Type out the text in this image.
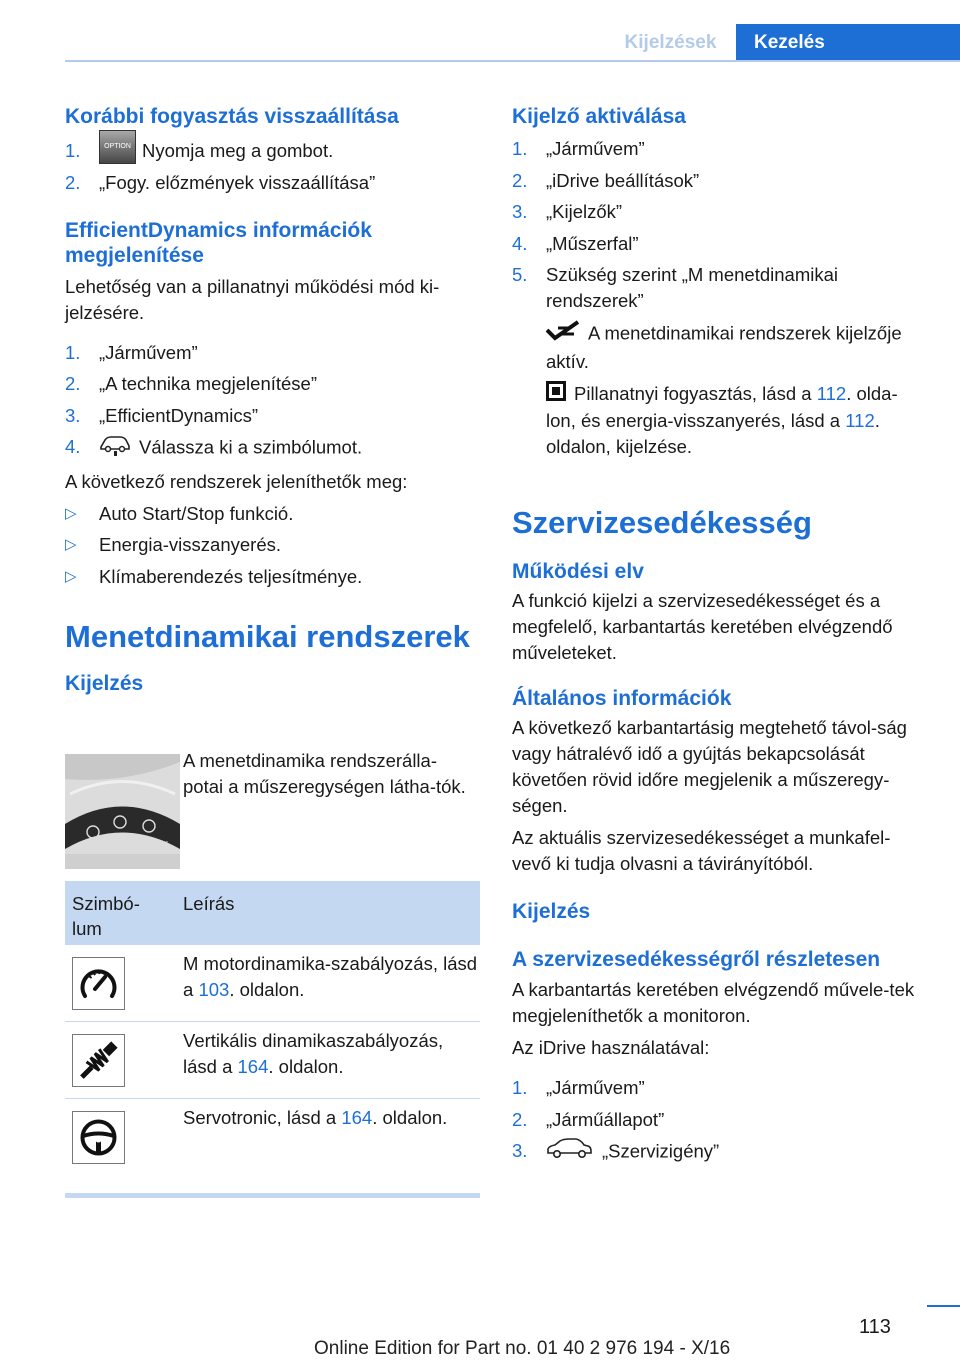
Kijelzések	Kezelés
Korábbi fogyasztás visszaállítása
1.	OPTION Nyomja meg a gombot.
2. „Fogy. előzmények visszaállítása”
EfficientDynamics információk megjelenítése

Lehetőség van a pillanatnyi működési mód ki-jelzésére.

1. „Járművem”
2. „A technika megjelenítése”
3. „EfficientDynamics”
4.	Válassza ki a szimbólumot.

A következő rendszerek jeleníthetők meg:

▷ Auto Start/Stop funkció.
▷ Energia-visszanyerés.
▷ Klímaberendezés teljesítménye.
Menetdinamikai rendszerek
Kijelzés
Efficient
Sport
Sport Plus

A menetdinamika rendszerálla-potai a műszeregységen látha-tók.

Szimbó-lum
Leírás
M motordinamika-szabályozás, lásd a 103. oldalon.
Vertikális dinamikaszabályozás, lásd a 164. oldalon.
Servotronic, lásd a 164. oldalon.
Kijelző aktiválása
1. „Járművem”
2. „iDrive beállítások”
3. „Kijelzők”
4. „Műszerfal”
5. Szükség szerint „M menetdinamikai rendszerek”

A menetdinamikai rendszerek kijelzője aktív.

Pillanatnyi fogyasztás, lásd a 112. olda-lon, és energia-visszanyerés, lásd a 112. oldalon, kijelzése.

Szervizesedékesség
Működési elv

A funkció kijelzi a szervizesedékességet és a megfelelő, karbantartás keretében elvégzendő műveleteket.

Általános információk

A következő karbantartásig megtehető távol-ság vagy hátralévő idő a gyújtás bekapcsolását követően rövid időre megjelenik a műszeregy-ségen.

Az aktuális szervizesedékességet a munkafel-vevő ki tudja olvasni a távirányítóból.

Kijelzés
A szervizesedékességről részletesen

A karbantartás keretében elvégzendő művele-tek megjeleníthetők a monitoron.

Az iDrive használatával:

1. „Járművem”
2. „Járműállapot”
3.	„Szervizigény”
113
Online Edition for Part no. 01 40 2 976 194 - X/16
